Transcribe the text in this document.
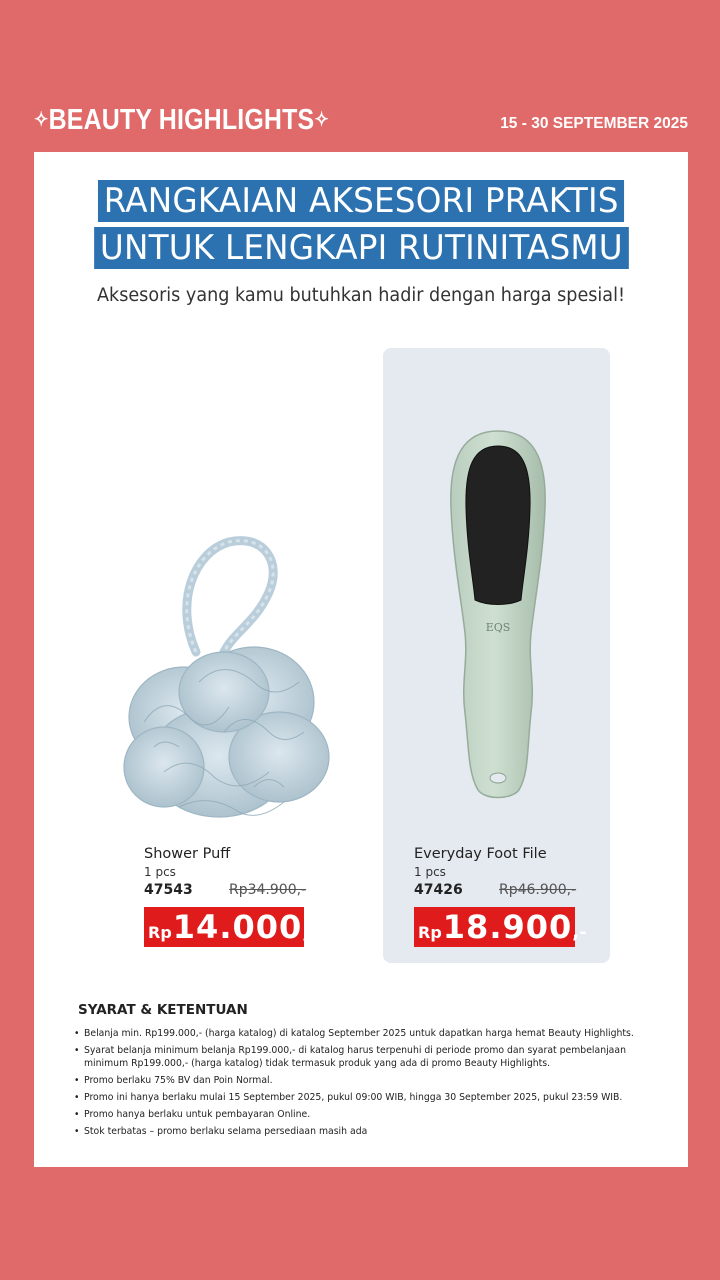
✧BEAUTY HIGHLIGHTS✧	15 - 30 SEPTEMBER 2025
RANGKAIAN AKSESORI PRAKTIS
UNTUK LENGKAPI RUTINITASMU
Aksesoris yang kamu butuhkan hadir dengan harga spesial!
Shower Puff
1 pcs
47543	Rp34.900,-
Rp 14.000 ,-
EQS
Everyday Foot File
1 pcs
47426	Rp46.900,-
Rp 18.900 ,-
SYARAT & KETENTUAN
• Belanja min. Rp199.000,- (harga katalog) di katalog September 2025 untuk dapatkan harga hemat Beauty Highlights.
• Syarat belanja minimum belanja Rp199.000,- di katalog harus terpenuhi di periode promo dan syarat pembelanjaan minimum Rp199.000,- (harga katalog) tidak termasuk produk yang ada di promo Beauty Highlights.
• Promo berlaku 75% BV dan Poin Normal.
• Promo ini hanya berlaku mulai 15 September 2025, pukul 09:00 WIB, hingga 30 September 2025, pukul 23:59 WIB.
• Promo hanya berlaku untuk pembayaran Online.
• Stok terbatas – promo berlaku selama persediaan masih ada
